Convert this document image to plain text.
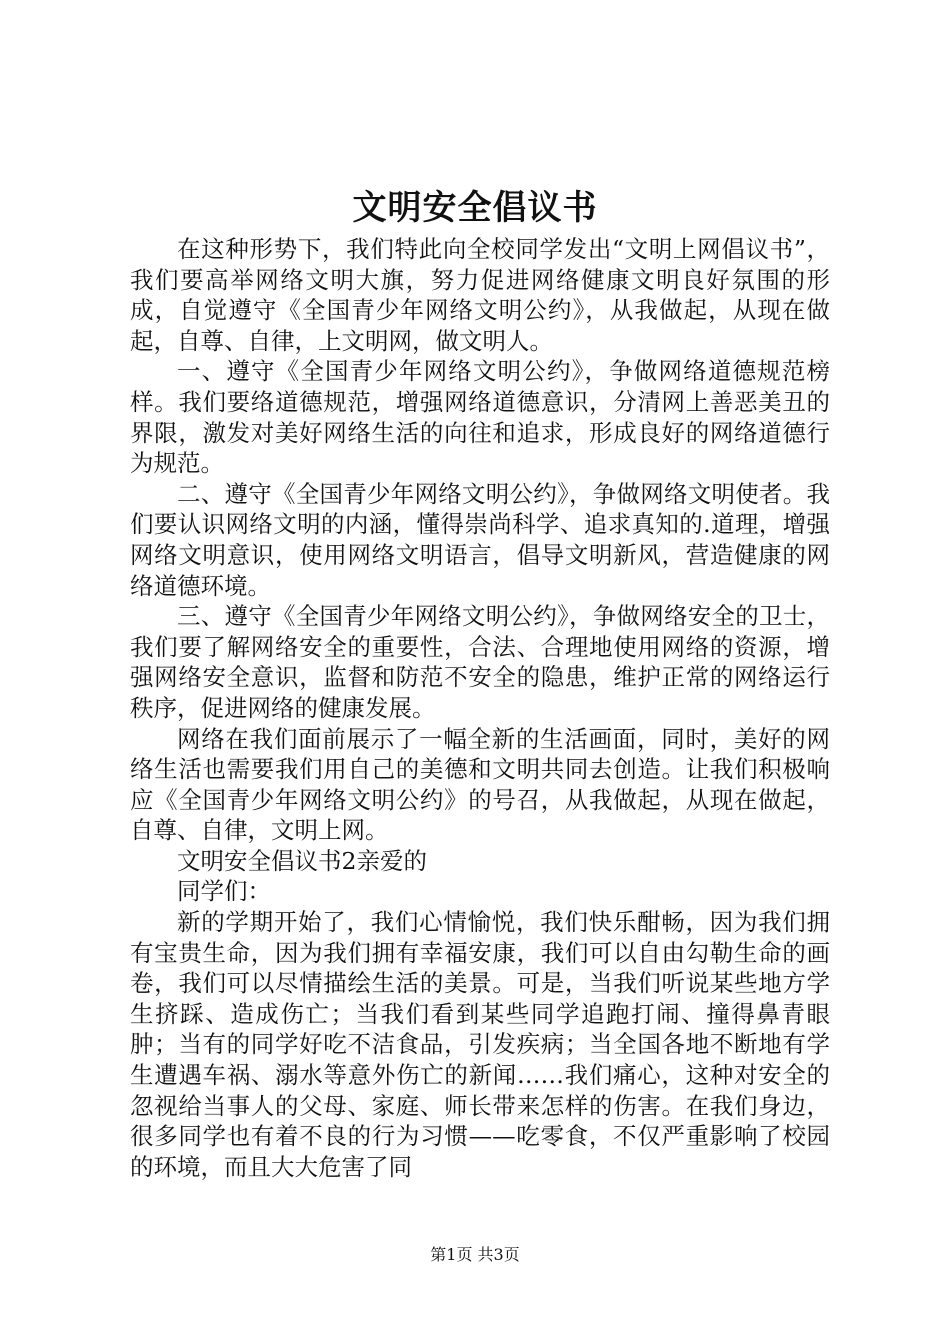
文明安全倡议书

在这种形势下，我们特此向全校同学发出“文明上网倡议书”，我们要高举网络文明大旗，努力促进网络健康文明良好氛围的形成，自觉遵守《全国青少年网络文明公约》，从我做起，从现在做起，自尊、自律，上文明网，做文明人。

一、遵守《全国青少年网络文明公约》，争做网络道德规范榜样。我们要络道德规范，增强网络道德意识，分清网上善恶美丑的界限，激发对美好网络生活的向往和追求，形成良好的网络道德行为规范。

二、遵守《全国青少年网络文明公约》，争做网络文明使者。我们要认识网络文明的内涵，懂得崇尚科学、追求真知的.道理，增强网络文明意识，使用网络文明语言，倡导文明新风，营造健康的网络道德环境。

三、遵守《全国青少年网络文明公约》，争做网络安全的卫士，我们要了解网络安全的重要性，合法、合理地使用网络的资源，增强网络安全意识，监督和防范不安全的隐患，维护正常的网络运行秩序，促进网络的健康发展。

网络在我们面前展示了一幅全新的生活画面，同时，美好的网络生活也需要我们用自己的美德和文明共同去创造。让我们积极响应《全国青少年网络文明公约》的号召，从我做起，从现在做起，自尊、自律，文明上网。

文明安全倡议书2亲爱的

同学们：

新的学期开始了，我们心情愉悦，我们快乐酣畅，因为我们拥有宝贵生命，因为我们拥有幸福安康，我们可以自由勾勒生命的画卷，我们可以尽情描绘生活的美景。可是，当我们听说某些地方学生挤踩、造成伤亡；当我们看到某些同学追跑打闹、撞得鼻青眼肿；当有的同学好吃不洁食品，引发疾病；当全国各地不断地有学生遭遇车祸、溺水等意外伤亡的新闻……我们痛心，这种对安全的忽视给当事人的父母、家庭、师长带来怎样的伤害。在我们身边，很多同学也有着不良的行为习惯——吃零食，不仅严重影响了校园的环境，而且大大危害了同

第1页 共3页
